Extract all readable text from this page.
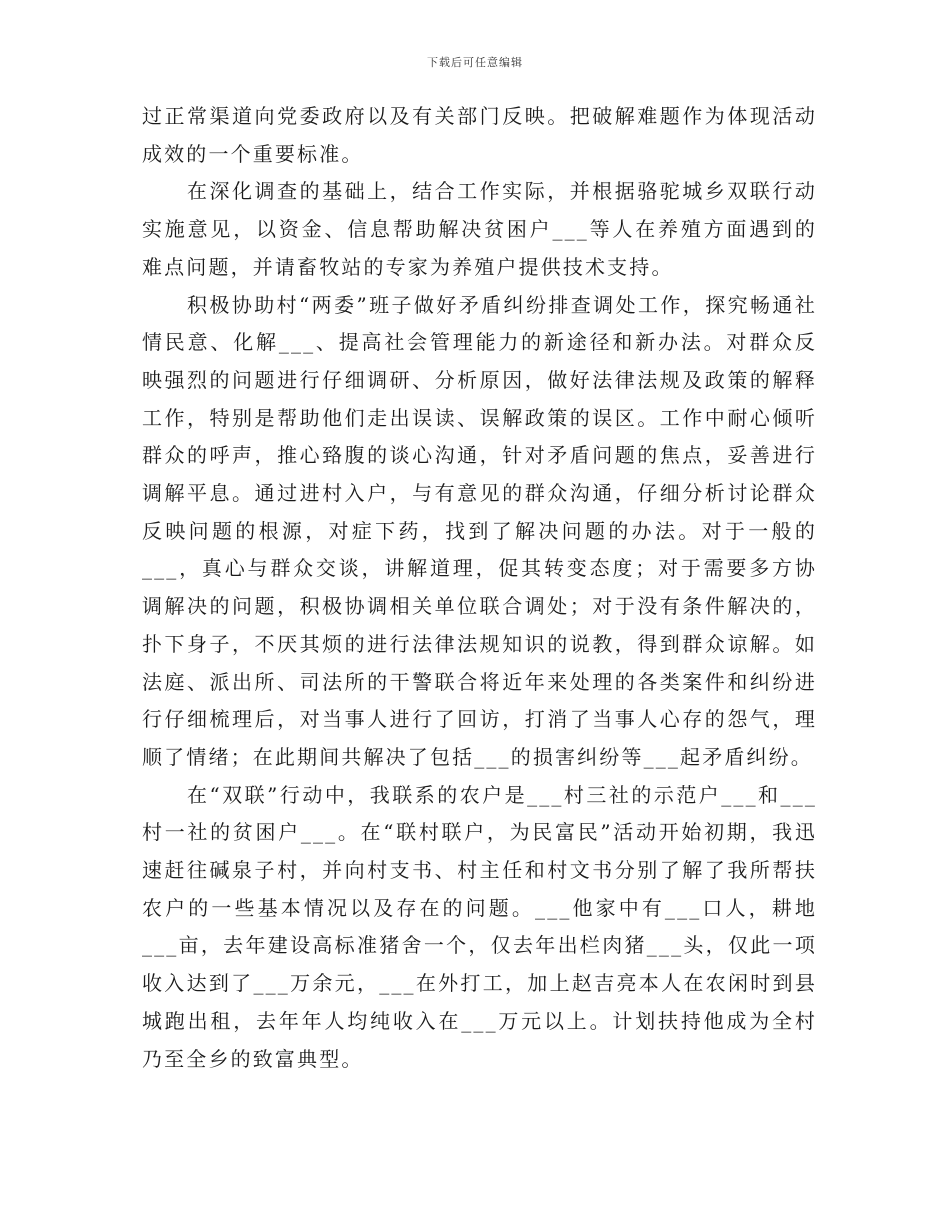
下载后可任意编辑

过正常渠道向党委政府以及有关部门反映。把破解难题作为体现活动成效的一个重要标准。

在深化调查的基础上，结合工作实际，并根据骆驼城乡双联行动实施意见，以资金、信息帮助解决贫困户___等人在养殖方面遇到的难点问题，并请畜牧站的专家为养殖户提供技术支持。

积极协助村“两委”班子做好矛盾纠纷排查调处工作，探究畅通社情民意、化解___、提高社会管理能力的新途径和新办法。对群众反映强烈的问题进行仔细调研、分析原因，做好法律法规及政策的解释工作，特别是帮助他们走出误读、误解政策的误区。工作中耐心倾听群众的呼声，推心臵腹的谈心沟通，针对矛盾问题的焦点，妥善进行调解平息。通过进村入户，与有意见的群众沟通，仔细分析讨论群众反映问题的根源，对症下药，找到了解决问题的办法。对于一般的___，真心与群众交谈，讲解道理，促其转变态度；对于需要多方协调解决的问题，积极协调相关单位联合调处；对于没有条件解决的，扑下身子，不厌其烦的进行法律法规知识的说教，得到群众谅解。如法庭、派出所、司法所的干警联合将近年来处理的各类案件和纠纷进行仔细梳理后，对当事人进行了回访，打消了当事人心存的怨气，理顺了情绪；在此期间共解决了包括___的损害纠纷等___起矛盾纠纷。

在“双联”行动中，我联系的农户是___村三社的示范户___和___村一社的贫困户___。在“联村联户，为民富民”活动开始初期，我迅速赶往碱泉子村，并向村支书、村主任和村文书分别了解了我所帮扶农户的一些基本情况以及存在的问题。___他家中有___口人，耕地___亩，去年建设高标准猪舍一个，仅去年出栏肉猪___头，仅此一项收入达到了___万余元，___在外打工，加上赵吉亮本人在农闲时到县城跑出租，去年年人均纯收入在___万元以上。计划扶持他成为全村乃至全乡的致富典型。
